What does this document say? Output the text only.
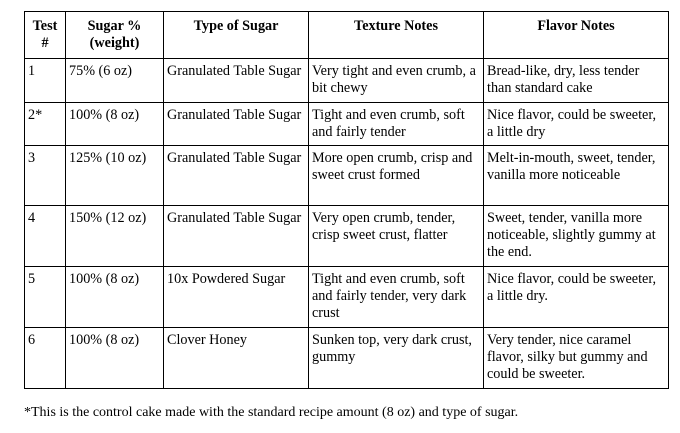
Test #	Sugar % (weight)	Type of Sugar	Texture Notes	Flavor Notes
1	75% (6 oz)	Granulated Table Sugar	Very tight and even crumb, a bit chewy	Bread-like, dry, less tender than standard cake
2*	100% (8 oz)	Granulated Table Sugar	Tight and even crumb, soft and fairly tender	Nice flavor, could be sweeter, a little dry
3	125% (10 oz)	Granulated Table Sugar	More open crumb, crisp and sweet crust formed	Melt-in-mouth, sweet, tender, vanilla more noticeable
4	150% (12 oz)	Granulated Table Sugar	Very open crumb, tender, crisp sweet crust, flatter	Sweet, tender, vanilla more noticeable, slightly gummy at the end.
5	100% (8 oz)	10x Powdered Sugar	Tight and even crumb, soft and fairly tender, very dark crust	Nice flavor, could be sweeter, a little dry.
6	100% (8 oz)	Clover Honey	Sunken top, very dark crust, gummy	Very tender, nice caramel flavor, silky but gummy and could be sweeter.
*This is the control cake made with the standard recipe amount (8 oz) and type of sugar.
